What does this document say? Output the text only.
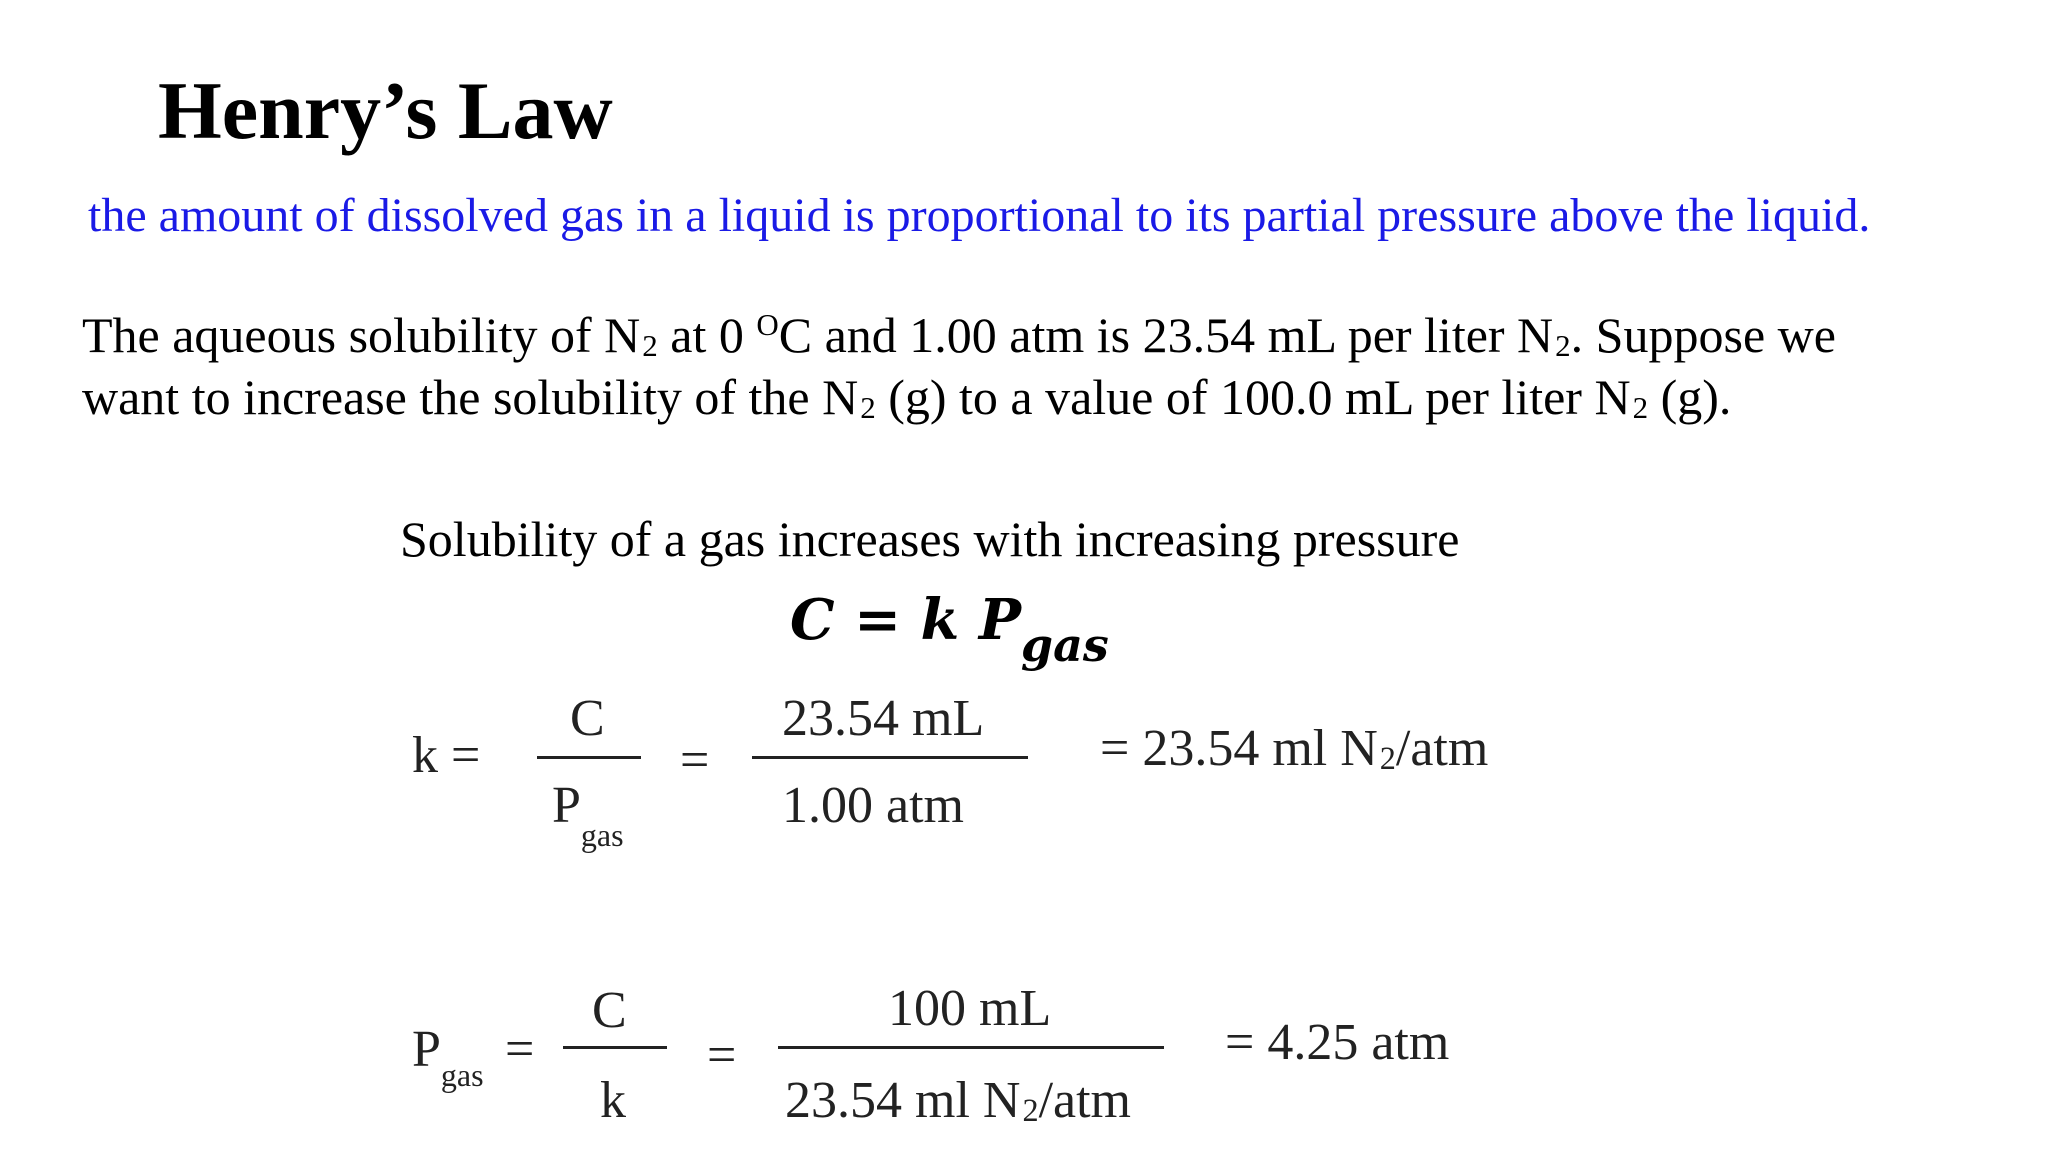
Henry’s Law
the amount of dissolved gas in a liquid is proportional to its partial pressure above the liquid.
The aqueous solubility of $N_2$ at 0 $^O$C and 1.00 atm is 23.54 mL per liter $N_2$. Suppose we
want to increase the solubility of the $N_2$ (g) to a value of 100.0 mL per liter $N_2$ (g).
Solubility of a gas increases with increasing pressure
C = k $P_{gas}$
k =
C
$P_{gas}$
=
23.54 mL
1.00 atm
= 23.54 ml $N_2$/atm
$P_{gas}$ =
C
k
=
100 mL
23.54 ml $N_2$/atm
= 4.25 atm
